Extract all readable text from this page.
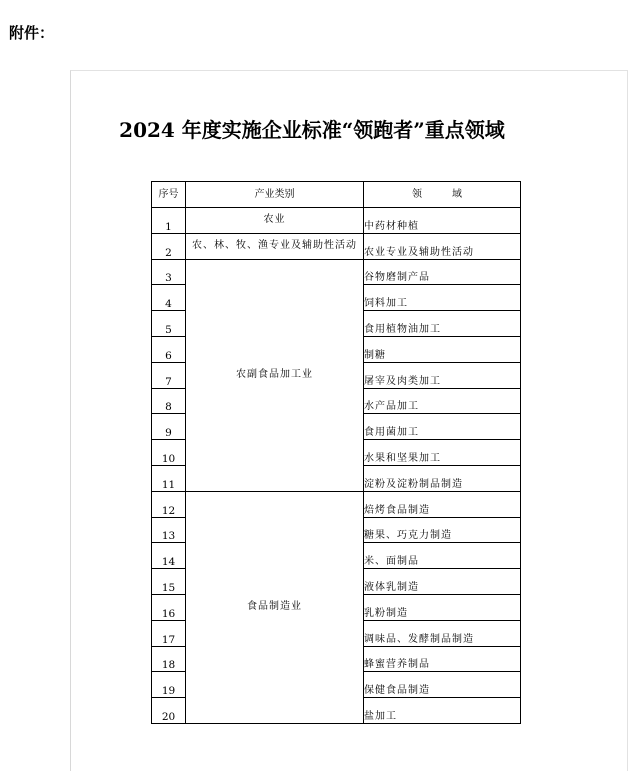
附件：
2024 年度实施企业标准“领跑者”重点领域
序号	产业类别	领　域
1	农业	中药材种植
2	农、林、牧、渔专业及辅助性活动	农业专业及辅助性活动
3	农副食品加工业	谷物磨制产品
4		饲料加工
5		食用植物油加工
6		制糖
7		屠宰及肉类加工
8		水产品加工
9		食用菌加工
10		水果和坚果加工
11		淀粉及淀粉制品制造
12	食品制造业	焙烤食品制造
13		糖果、巧克力制造
14		米、面制品
15		液体乳制造
16		乳粉制造
17		调味品、发酵制品制造
18		蜂蜜营养制品
19		保健食品制造
20		盐加工
